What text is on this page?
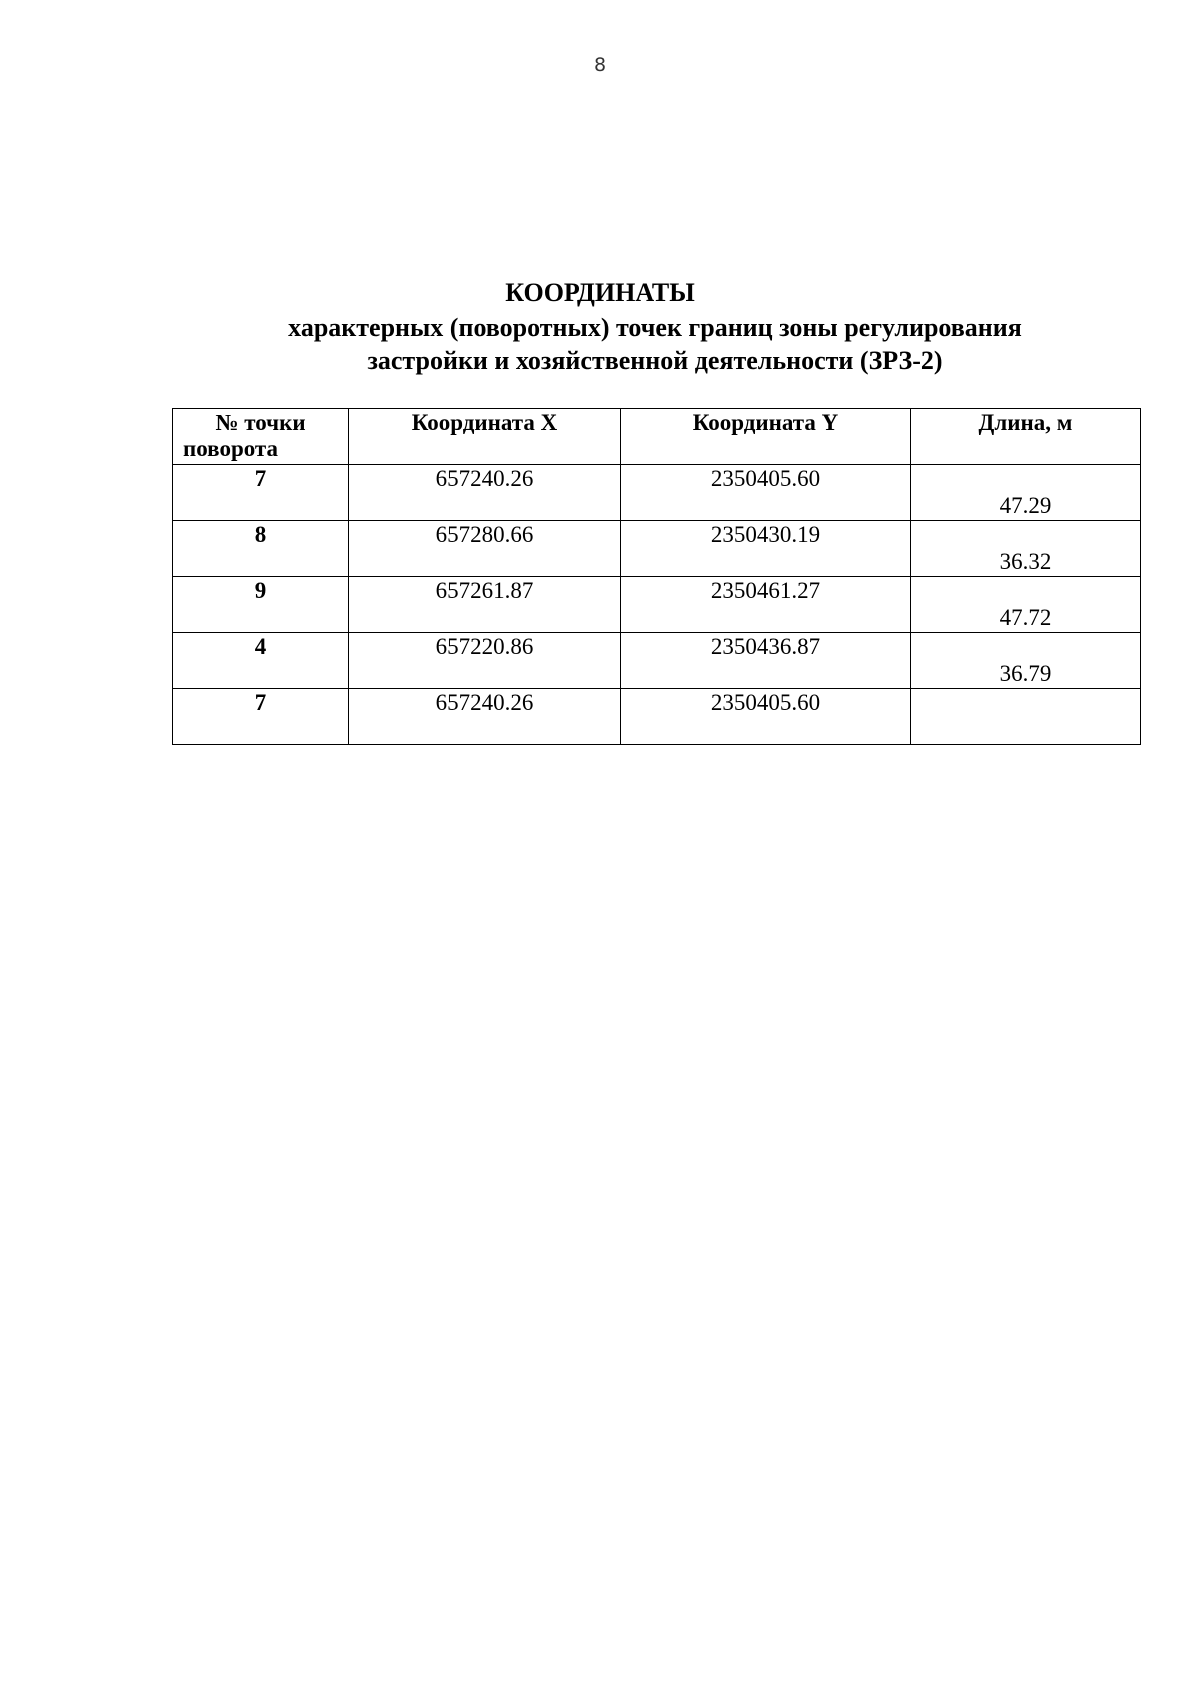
8
КООРДИНАТЫ
характерных (поворотных) точек границ зоны регулирования
застройки и хозяйственной деятельности (ЗРЗ-2)
№ точки
поворота	Координата X	Координата Y	Длина, м
7	657240.26	2350405.60	47.29

8	657280.66	2350430.19	36.32

9	657261.87	2350461.27	47.72

4	657220.86	2350436.87	36.79

7	657240.26	2350405.60	
